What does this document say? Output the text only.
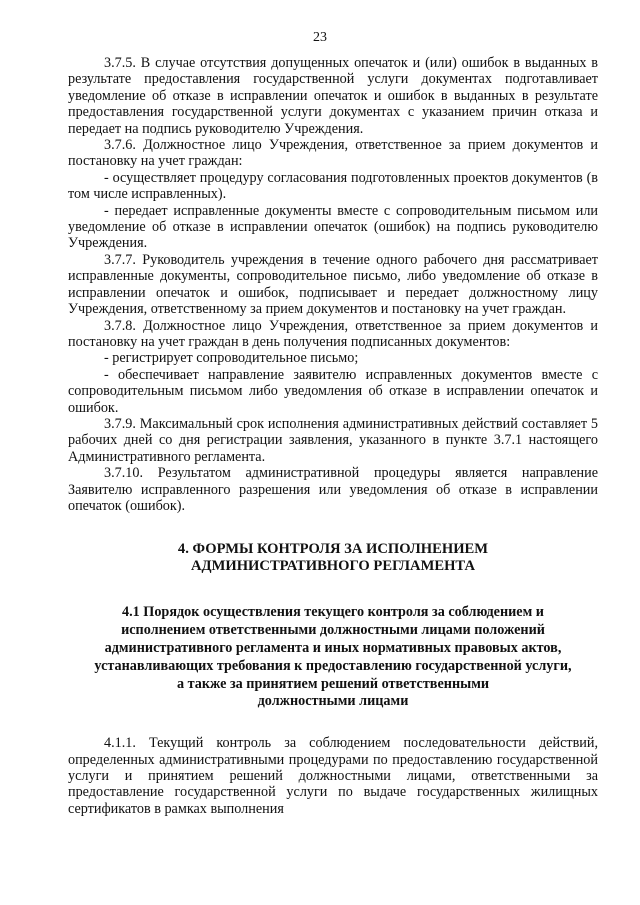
23

3.7.5. В случае отсутствия допущенных опечаток и (или) ошибок в выданных в результате предоставления государственной услуги документах подготавливает уведомление об отказе в исправлении опечаток и ошибок в выданных в результате предоставления государственной услуги документах с указанием причин отказа и передает на подпись руководителю Учреждения.

3.7.6. Должностное лицо Учреждения, ответственное за прием документов и постановку на учет граждан:

- осуществляет процедуру согласования подготовленных проектов документов (в том числе исправленных).

- передает исправленные документы вместе с сопроводительным письмом или уведомление об отказе в исправлении опечаток (ошибок) на подпись руководителю Учреждения.

3.7.7. Руководитель учреждения в течение одного рабочего дня рассматривает исправленные документы, сопроводительное письмо, либо уведомление об отказе в исправлении опечаток и ошибок, подписывает и передает должностному лицу Учреждения, ответственному за прием документов и постановку на учет граждан.

3.7.8. Должностное лицо Учреждения, ответственное за прием документов и постановку на учет граждан в день получения подписанных документов:

- регистрирует сопроводительное письмо;

- обеспечивает направление заявителю исправленных документов вместе с сопроводительным письмом либо уведомления об отказе в исправлении опечаток и ошибок.

3.7.9. Максимальный срок исполнения административных действий составляет 5 рабочих дней со дня регистрации заявления, указанного в пункте 3.7.1 настоящего Административного регламента.

3.7.10. Результатом административной процедуры является направление Заявителю исправленного разрешения или уведомления об отказе в исправлении опечаток (ошибок).

4. ФОРМЫ КОНТРОЛЯ ЗА ИСПОЛНЕНИЕМ
АДМИНИСТРАТИВНОГО РЕГЛАМЕНТА
4.1 Порядок осуществления текущего контроля за соблюдением и
исполнением ответственными должностными лицами положений
административного регламента и иных нормативных правовых актов,
устанавливающих требования к предоставлению государственной услуги,
а также за принятием решений ответственными
должностными лицами

4.1.1. Текущий контроль за соблюдением последовательности действий, определенных административными процедурами по предоставлению государственной услуги и принятием решений должностными лицами, ответственными за предоставление государственной услуги по выдаче государственных жилищных сертификатов в рамках выполнения
